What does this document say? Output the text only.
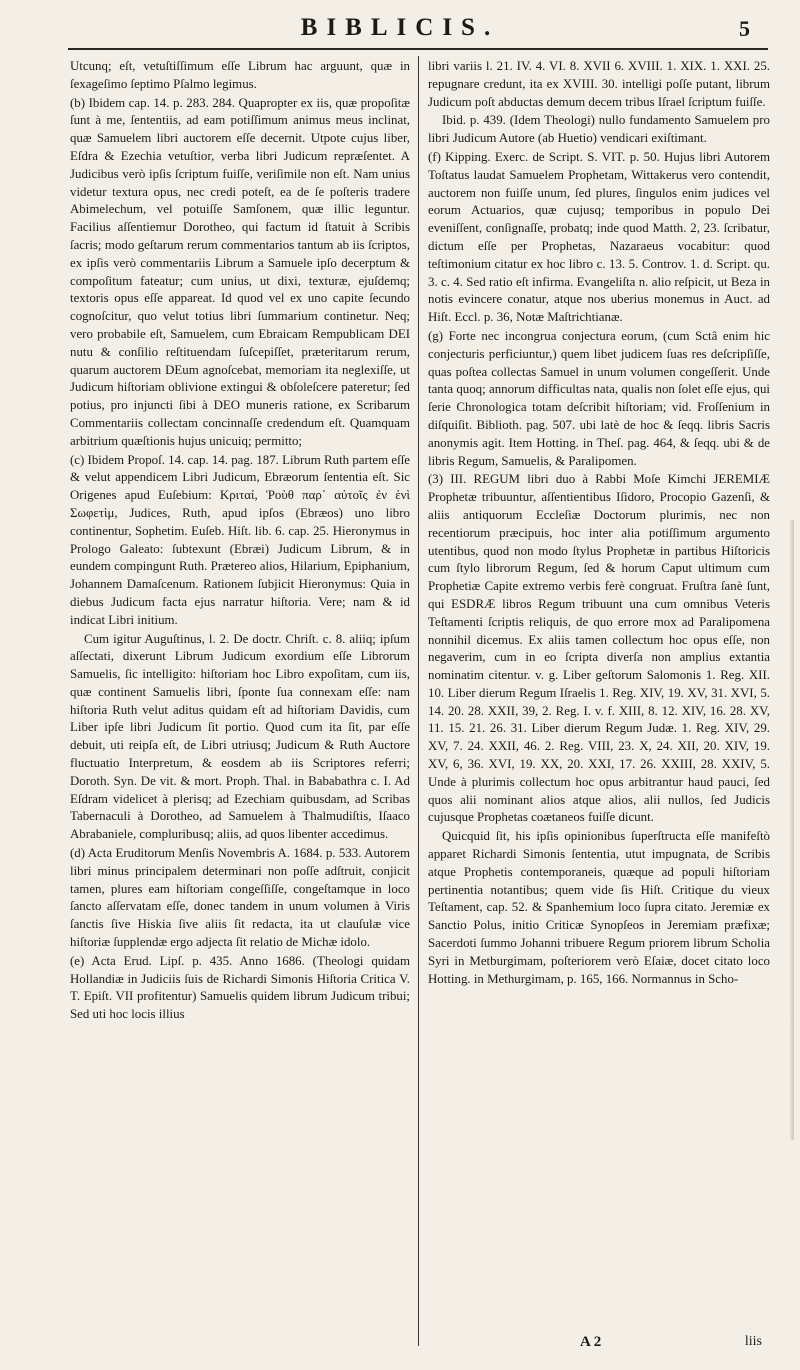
BIBLICIS.	5

Utcunq; eſt, vetuſtiſſimum eſſe Librum hac arguunt, quæ in ſexageſimo ſeptimo Pſalmo legimus.

(b) Ibidem cap. 14. p. 283. 284. Quapropter ex iis, quæ propoſitæ ſunt à me, ſententiis, ad eam potiſſimum animus meus inclinat, quæ Samuelem libri auctorem eſſe decernit. Utpote cujus liber, Eſdra & Ezechia vetuſtior, verba libri Judicum repræſentet. A Judicibus verò ipſis ſcriptum fuiſſe, veriſimile non eſt. Nam unius videtur textura opus, nec credi poteſt, ea de ſe poſteris tradere Abimelechum, vel potuiſſe Samſonem, quæ illic leguntur. Facilius aſſentiemur Dorotheo, qui factum id ſtatuit à Scribis ſacris; modo geſtarum rerum commentarios tantum ab iis ſcriptos, ex ipſis verò commentariis Librum a Samuele ipſo decerptum & compoſitum fateatur; cum unius, ut dixi, texturæ, ejuſdemq; textoris opus eſſe appareat. Id quod vel ex uno capite ſecundo cognoſcitur, quo velut totius libri ſummarium continetur. Neq; vero probabile eſt, Samuelem, cum Ebraicam Rempublicam DEI nutu & conſilio reſtituendam ſuſcepiſſet, præteritarum rerum, quarum auctorem DEum agnoſcebat, memoriam ita neglexiſſe, ut Judicum hiſtoriam oblivione extingui & obſoleſcere pateretur; ſed potius, pro injuncti ſibi à DEO muneris ratione, ex Scribarum Commentariis collectam concinnaſſe credendum eſt. Quamquam arbitrium quæſtionis hujus unicuiq; permitto;

(c) Ibidem Propoſ. 14. cap. 14. pag. 187. Librum Ruth partem eſſe & velut appendicem Libri Judicum, Ebræorum ſententia eſt. Sic Origenes apud Euſebium: Κριταί, Ῥοὺθ παρ᾽ αὐτοῖς ἐν ἑνὶ Σωφετὶμ, Judices, Ruth, apud ipſos (Ebræos) uno libro continentur, Sophetim. Euſeb. Hiſt. lib. 6. cap. 25. Hieronymus in Prologo Galeato: ſubtexunt (Ebræi) Judicum Librum, & in eundem compingunt Ruth. Prætereo alios, Hilarium, Epiphanium, Johannem Damaſcenum. Rationem ſubjicit Hieronymus: Quia in diebus Judicum facta ejus narratur hiſtoria. Vere; nam & id indicat Libri initium.

Cum igitur Auguſtinus, l. 2. De doctr. Chriſt. c. 8. aliiq; ipſum aſſectati, dixerunt Librum Judicum exordium eſſe Librorum Samuelis, ſic intelligito: hiſtoriam hoc Libro expoſitam, cum iis, quæ continent Samuelis libri, ſponte ſua connexam eſſe: nam hiſtoria Ruth velut aditus quidam eſt ad hiſtoriam Davidis, cum Liber ipſe libri Judicum ſit portio. Quod cum ita ſit, par eſſe debuit, uti reipſa eſt, de Libri utriusq; Judicum & Ruth Auctore fluctuatio Interpretum, & eosdem ab iis Scriptores referri; Doroth. Syn. De vit. & mort. Proph. Thal. in Bababathra c. I. Ad Eſdram videlicet à plerisq; ad Ezechiam quibusdam, ad Scribas Tabernaculi à Dorotheo, ad Samuelem à Thalmudiſtis, Iſaaco Abrabaniele, compluribusq; aliis, ad quos libenter accedimus.

(d) Acta Eruditorum Menſis Novembris A. 1684. p. 533. Autorem libri minus principalem determinari non poſſe adſtruit, conjicit tamen, plures eam hiſtoriam congeſſiſſe, congeſtamque in loco ſancto aſſervatam eſſe, donec tandem in unum volumen à Viris ſanctis ſive Hiskia ſive aliis ſit redacta, ita ut clauſulæ vice hiſtoriæ ſupplendæ ergo adjecta ſit relatio de Michæ idolo.

(e) Acta Erud. Lipſ. p. 435. Anno 1686. (Theologi quidam Hollandiæ in Judiciis ſuis de Richardi Simonis Hiſtoria Critica V. T. Epiſt. VII profitentur) Samuelis quidem librum Judicum tribui; Sed uti hoc locis illius

libri variis l. 21. IV. 4. VI. 8. XVII 6. XVIII. 1. XIX. 1. XXI. 25. repugnare credunt, ita ex XVIII. 30. intelligi poſſe putant, librum Judicum poſt abductas demum decem tribus Iſrael ſcriptum fuiſſe.

Ibid. p. 439. (Idem Theologi) nullo fundamento Samuelem pro libri Judicum Autore (ab Huetio) vendicari exiſtimant.

(f) Kipping. Exerc. de Script. S. VIT. p. 50. Hujus libri Autorem Toſtatus laudat Samuelem Prophetam, Wittakerus vero contendit, auctorem non fuiſſe unum, ſed plures, ſingulos enim judices vel eorum Actuarios, quæ cujusq; temporibus in populo Dei eveniſſent, conſignaſſe, probatq; inde quod Matth. 2, 23. ſcribatur, dictum eſſe per Prophetas, Nazaraeus vocabitur: quod teſtimonium citatur ex hoc libro c. 13. 5. Controv. 1. d. Script. qu. 3. c. 4. Sed ratio eſt infirma. Evangeliſta n. alio reſpicit, ut Beza in notis evincere conatur, atque nos uberius monemus in Auct. ad Hiſt. Eccl. p. 36, Notæ Maſtrichtianæ.

(g) Forte nec incongrua conjectura eorum, (cum Sctâ enim hic conjecturis perficiuntur,) quem libet judicem ſuas res deſcripſiſſe, quas poſtea collectas Samuel in unum volumen congeſſerit. Unde tanta quoq; annorum difficultas nata, qualis non ſolet eſſe ejus, qui ſerie Chronologica totam deſcribit hiſtoriam; vid. Froſſenium in diſquiſit. Biblioth. pag. 507. ubi latè de hoc & ſeqq. libris Sacris anonymis agit. Item Hotting. in Theſ. pag. 464, & ſeqq. ubi & de libris Regum, Samuelis, & Paralipomen.

(3) III. REGUM libri duo à Rabbi Moſe Kimchi JEREMIÆ Prophetæ tribuuntur, aſſentientibus Iſidoro, Procopio Gazenſi, & aliis antiquorum Eccleſiæ Doctorum plurimis, nec non recentiorum præcipuis, hoc inter alia potiſſimum argumento utentibus, quod non modo ſtylus Prophetæ in partibus Hiſtoricis cum ſtylo librorum Regum, ſed & horum Caput ultimum cum Prophetiæ Capite extremo verbis ferè congruat. Fruſtra ſanè ſunt, qui ESDRÆ libros Regum tribuunt una cum omnibus Veteris Teſtamenti ſcriptis reliquis, de quo errore mox ad Paralipomena nonnihil dicemus. Ex aliis tamen collectum hoc opus eſſe, non negaverim, cum in eo ſcripta diverſa non amplius extantia nominatim citentur. v. g. Liber geſtorum Salomonis 1. Reg. XII. 10. Liber dierum Regum Iſraelis 1. Reg. XIV, 19. XV, 31. XVI, 5. 14. 20. 28. XXII, 39, 2. Reg. I. v. f. XIII, 8. 12. XIV, 16. 28. XV, 11. 15. 21. 26. 31. Liber dierum Regum Judæ. 1. Reg. XIV, 29. XV, 7. 24. XXII, 46. 2. Reg. VIII, 23. X, 24. XII, 20. XIV, 19. XV, 6, 36. XVI, 19. XX, 20. XXI, 17. 26. XXIII, 28. XXIV, 5. Unde à plurimis collectum hoc opus arbitrantur haud pauci, ſed quos alii nominant alios atque alios, alii nullos, ſed Judicis cujusque Prophetas coætaneos fuiſſe dicunt.

Quicquid ſit, his ipſis opinionibus ſuperſtructa eſſe manifeſtò apparet Richardi Simonis ſententia, utut impugnata, de Scribis atque Prophetis contemporaneis, quæque ad populi hiſtoriam pertinentia notantibus; quem vide ſis Hiſt. Critique du vieux Teſtament, cap. 52. & Spanhemium loco ſupra citato. Jeremiæ ex Sanctio Polus, initio Criticæ Synopſeos in Jeremiam præfixæ; Sacerdoti ſummo Johanni tribuere Regum priorem librum Scholia Syri in Metburgimam, poſteriorem verò Eſaiæ, docet citato loco Hotting. in Methurgimam, p. 165, 166. Normannus in Scho-

A 2	liis
